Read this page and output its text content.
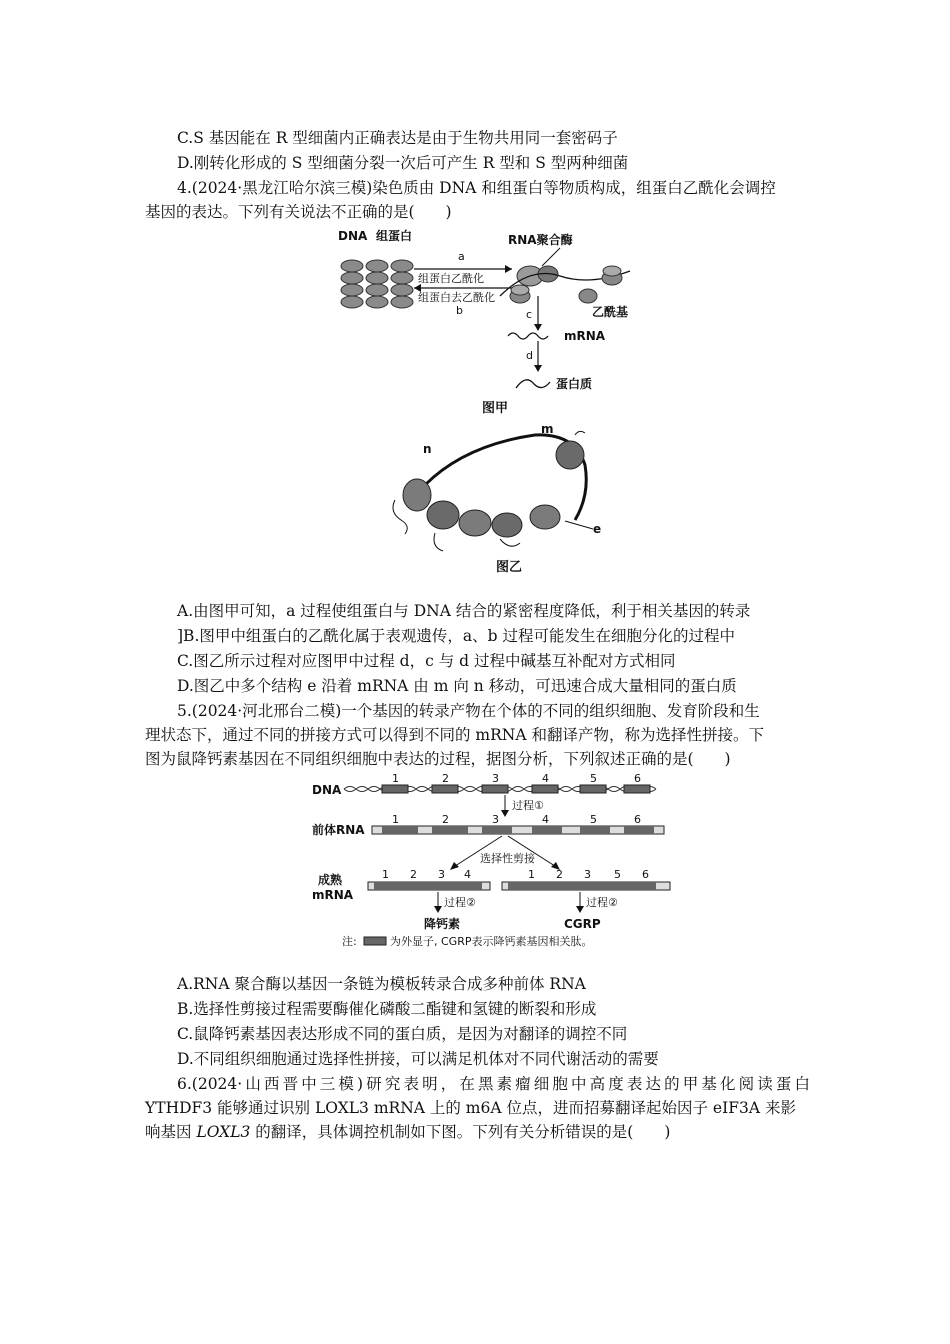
C.S 基因能在 R 型细菌内正确表达是由于生物共用同一套密码子
D.刚转化形成的 S 型细菌分裂一次后可产生 R 型和 S 型两种细菌
4.(2024·黑龙江哈尔滨三模)染色质由 DNA 和组蛋白等物质构成，组蛋白乙酰化会调控
基因的表达。下列有关说法不正确的是(　　)
DNA 组蛋白
a
组蛋白乙酰化
组蛋白去乙酰化
b
RNA聚合酶
乙酰基
c
mRNA
d
蛋白质
图甲
n
m
e
图乙
A.由图甲可知，a 过程使组蛋白与 DNA 结合的紧密程度降低，利于相关基因的转录
]B.图甲中组蛋白的乙酰化属于表观遗传，a、b 过程可能发生在细胞分化的过程中
C.图乙所示过程对应图甲中过程 d，c 与 d 过程中碱基互补配对方式相同
D.图乙中多个结构 e 沿着 mRNA 由 m 向 n 移动，可迅速合成大量相同的蛋白质
5.(2024·河北邢台二模)一个基因的转录产物在个体的不同的组织细胞、发育阶段和生
理状态下，通过不同的拼接方式可以得到不同的 mRNA 和翻译产物，称为选择性拼接。下
图为鼠降钙素基因在不同组织细胞中表达的过程，据图分析，下列叙述正确的是(　　)
DNA
1	2	3	4	5	6
过程①
前体RNA
1	2	3	4	5	6
选择性剪接
成熟
mRNA
1 2 3 4	1 2 3 5 6
过程②	过程②
降钙素	CGRP
注:	为外显子, CGRP表示降钙素基因相关肽。
A.RNA 聚合酶以基因一条链为模板转录合成多种前体 RNA
B.选择性剪接过程需要酶催化磷酸二酯键和氢键的断裂和形成
C.鼠降钙素基因表达形成不同的蛋白质，是因为对翻译的调控不同
D.不同组织细胞通过选择性拼接，可以满足机体对不同代谢活动的需要
6.(2024·山西晋中三模)研究表明，在黑素瘤细胞中高度表达的甲基化阅读蛋白
YTHDF3 能够通过识别 LOXL3 mRNA 上的 m6A 位点，进而招募翻译起始因子 eIF3A 来影
响基因 LOXL3 的翻译，具体调控机制如下图。下列有关分析错误的是(　　)
